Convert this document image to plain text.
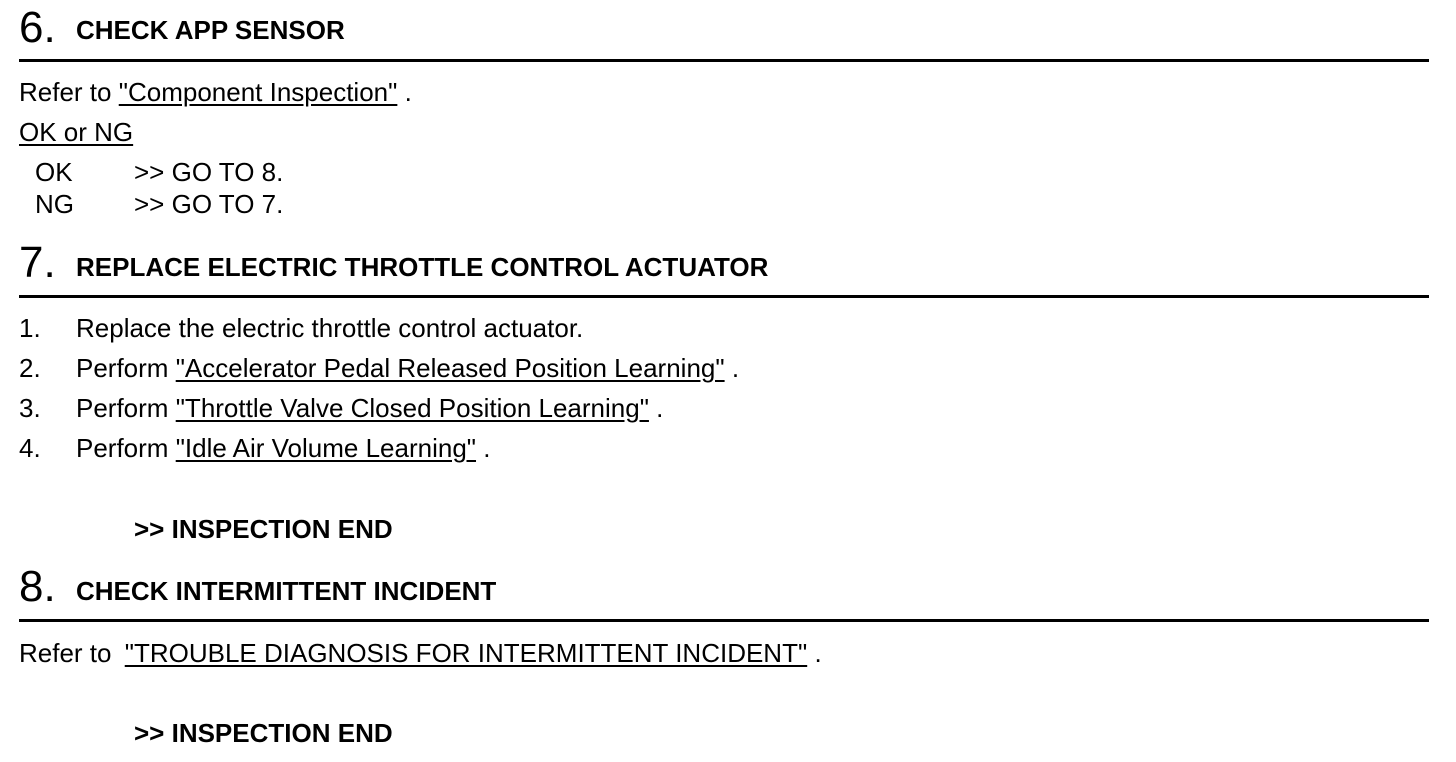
6. CHECK APP SENSOR
Refer to "Component Inspection" .
OK or NG
OK >> GO TO 8.
NG >> GO TO 7.
7. REPLACE ELECTRIC THROTTLE CONTROL ACTUATOR
1. Replace the electric throttle control actuator.
2. Perform "Accelerator Pedal Released Position Learning" .
3. Perform "Throttle Valve Closed Position Learning" .
4. Perform "Idle Air Volume Learning" .
>> INSPECTION END
8. CHECK INTERMITTENT INCIDENT
Refer to "TROUBLE DIAGNOSIS FOR INTERMITTENT INCIDENT" .
>> INSPECTION END
